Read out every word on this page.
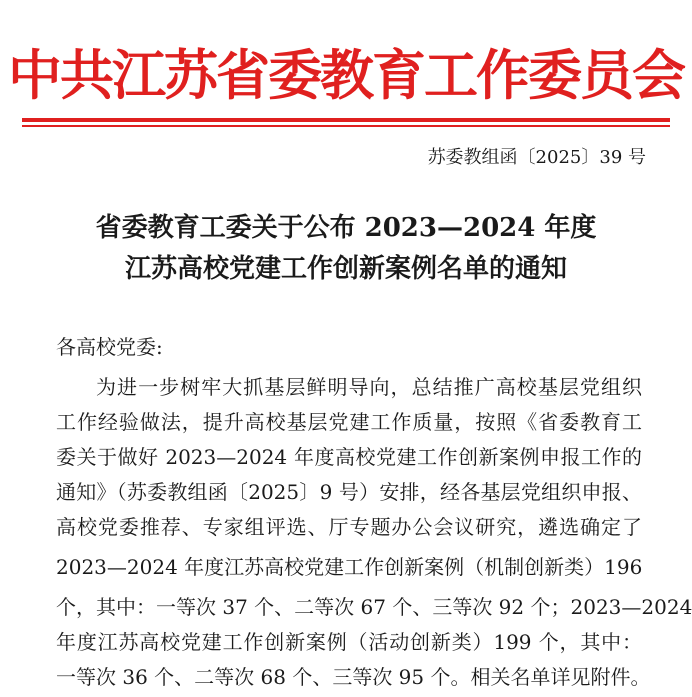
中共江苏省委教育工作委员会
苏委教组函〔2025〕39 号
省委教育工委关于公布 2023—2024 年度
江苏高校党建工作创新案例名单的通知
各高校党委:
为进一步树牢大抓基层鲜明导向，总结推广高校基层党组织
工作经验做法，提升高校基层党建工作质量，按照《省委教育工
委关于做好 2023—2024 年度高校党建工作创新案例申报工作的
通知》（苏委教组函〔2025〕9 号）安排，经各基层党组织申报、
高校党委推荐、专家组评选、厅专题办公会议研究，遴选确定了
2023—2024 年度江苏高校党建工作创新案例（机制创新类）196
个，其中：一等次 37 个、二等次 67 个、三等次 92 个；2023—2024
年度江苏高校党建工作创新案例（活动创新类）199 个，其中：
一等次 36 个、二等次 68 个、三等次 95 个。相关名单详见附件。
